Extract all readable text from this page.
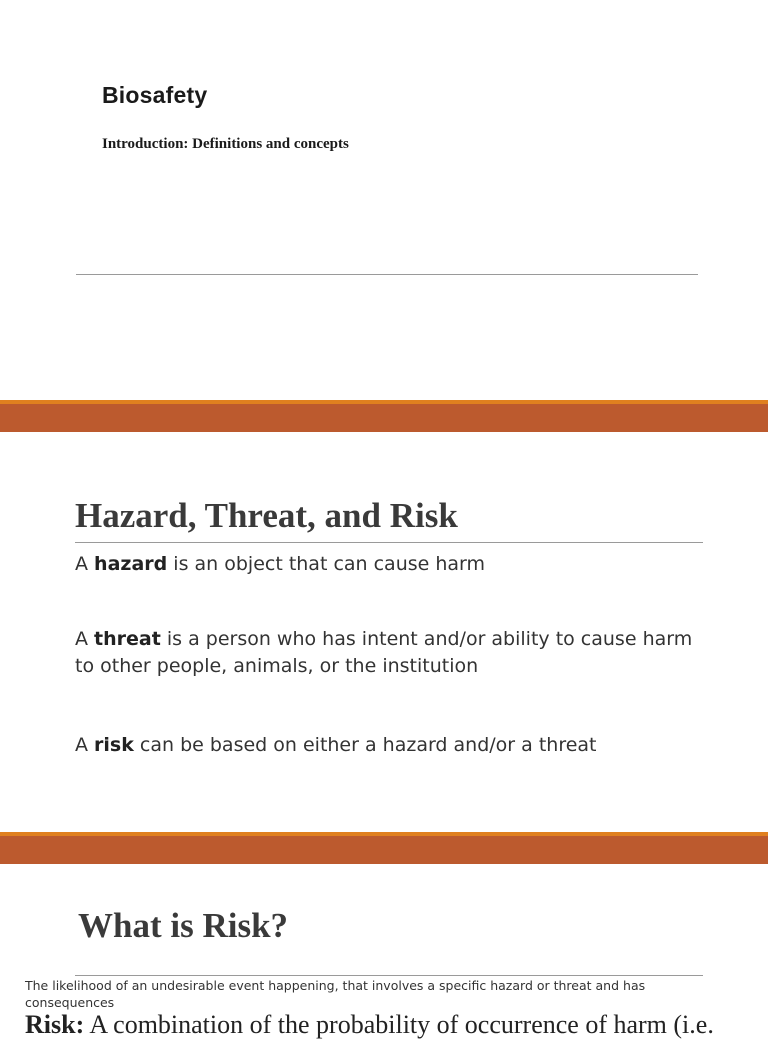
Biosafety
Introduction: Definitions and concepts
Hazard, Threat, and Risk
A hazard is an object that can cause harm
A threat is a person who has intent and/or ability to cause harm to other people, animals, or the institution
A risk can be based on either a hazard and/or a threat
What is Risk?
The likelihood of an undesirable event happening, that involves a specific hazard or threat and has consequences
Risk: A combination of the probability of occurrence of harm (i.e.
